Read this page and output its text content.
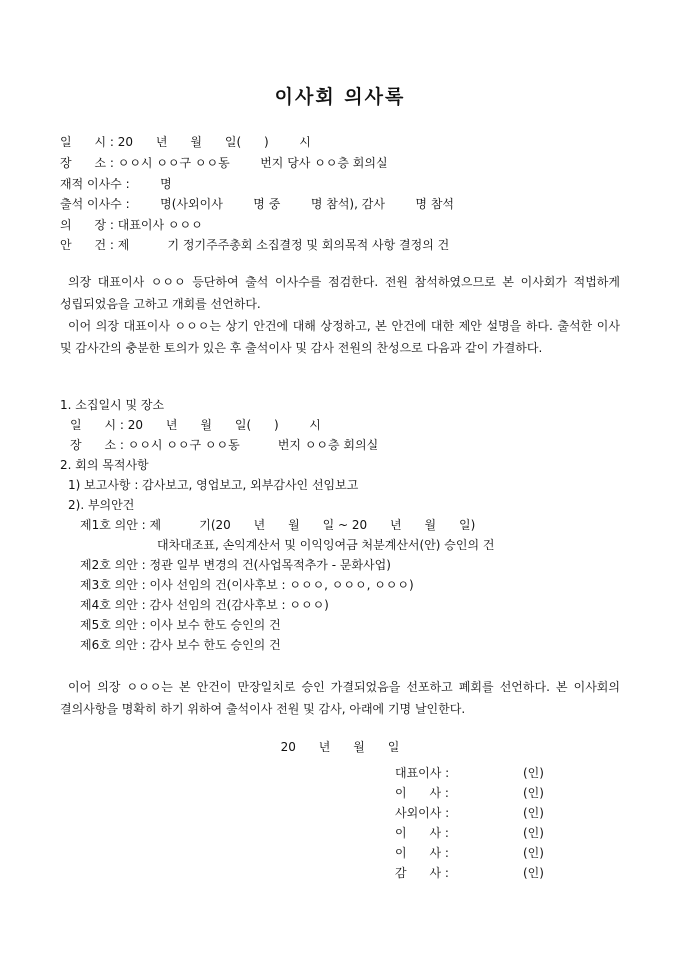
이사회 의사록
일      시 : 20      년      월      일(      )        시
장      소 : ㅇㅇ시 ㅇㅇ구 ㅇㅇ동        번지 당사 ㅇㅇ층 회의실
재적 이사수 :        명
출석 이사수 :        명(사외이사        명 중        명 참석), 감사        명 참석
의      장 : 대표이사 ㅇㅇㅇ
안      건 : 제          기 정기주주총회 소집결정 및 회의목적 사항 결정의 건

의장 대표이사 ㅇㅇㅇ 등단하여 출석 이사수를 점검한다. 전원 참석하였으므로 본 이사회가 적법하게 성립되었음을 고하고 개회를 선언하다.

이어 의장 대표이사 ㅇㅇㅇ는 상기 안건에 대해 상정하고, 본 안건에 대한 제안 설명을 하다. 출석한 이사 및 감사간의 충분한 토의가 있은 후 출석이사 및 감사 전원의 찬성으로 다음과 같이 가결하다.

1. 소집일시 및 장소
일      시 : 20      년      월      일(      )        시
장      소 : ㅇㅇ시 ㅇㅇ구 ㅇㅇ동          번지 ㅇㅇ층 회의실
2. 회의 목적사항
1) 보고사항 : 감사보고, 영업보고, 외부감사인 선임보고
2). 부의안건
제1호 의안 : 제          기(20      년      월      일 ~ 20      년      월      일)
대차대조표, 손익계산서 및 이익잉여금 처분계산서(안) 승인의 건
제2호 의안 : 정관 일부 변경의 건(사업목적추가 - 문화사업)
제3호 의안 : 이사 선임의 건(이사후보 : ㅇㅇㅇ, ㅇㅇㅇ, ㅇㅇㅇ)
제4호 의안 : 감사 선임의 건(감사후보 : ㅇㅇㅇ)
제5호 의안 : 이사 보수 한도 승인의 건
제6호 의안 : 감사 보수 한도 승인의 건

이어 의장 ㅇㅇㅇ는 본 안건이 만장일치로 승인 가결되었음을 선포하고 폐회를 선언하다. 본 이사회의 결의사항을 명확히 하기 위하여 출석이사 전원 및 감사, 아래에 기명 날인한다.

20      년      월      일
대표이사 :	(인)
이      사 :	(인)
사외이사 :	(인)
이      사 :	(인)
이      사 :	(인)
감      사 :	(인)
